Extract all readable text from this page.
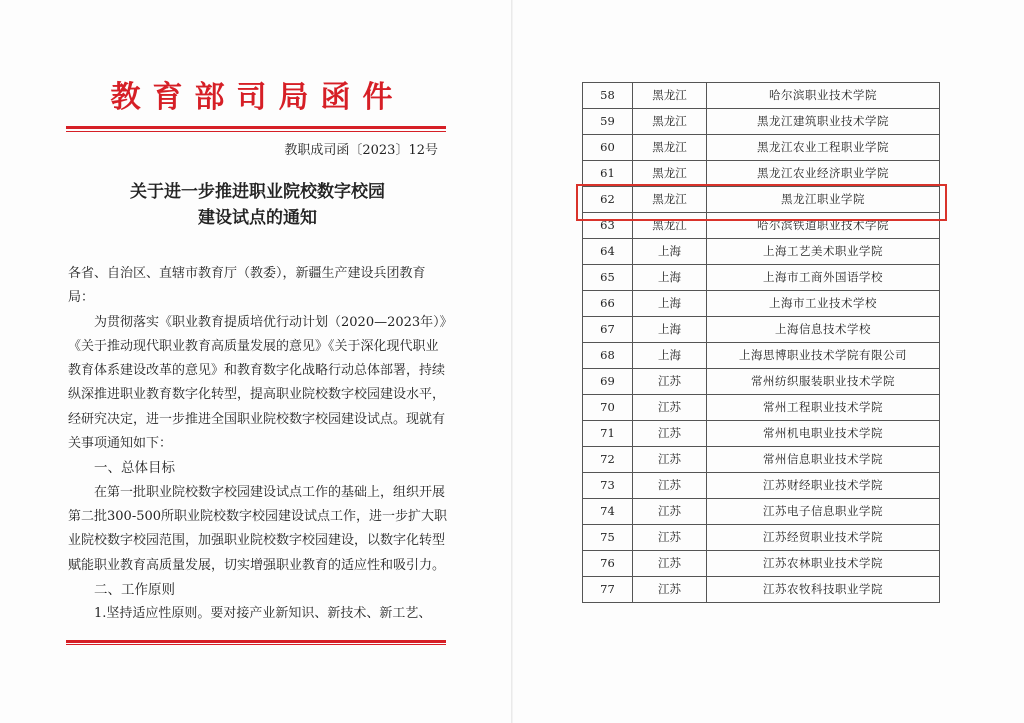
教育部司局函件
教职成司函〔2023〕12号
关于进一步推进职业院校数字校园
建设试点的通知

各省、自治区、直辖市教育厅（教委），新疆生产建设兵团教育局：

为贯彻落实《职业教育提质培优行动计划（2020—2023年）》《关于推动现代职业教育高质量发展的意见》《关于深化现代职业教育体系建设改革的意见》和教育数字化战略行动总体部署，持续纵深推进职业教育数字化转型，提高职业院校数字校园建设水平，经研究决定，进一步推进全国职业院校数字校园建设试点。现就有关事项通知如下：

一、总体目标

在第一批职业院校数字校园建设试点工作的基础上，组织开展第二批300-500所职业院校数字校园建设试点工作，进一步扩大职业院校数字校园范围，加强职业院校数字校园建设，以数字化转型赋能职业教育高质量发展，切实增强职业教育的适应性和吸引力。

二、工作原则

1.坚持适应性原则。要对接产业新知识、新技术、新工艺、

58	黑龙江	哈尔滨职业技术学院
59	黑龙江	黑龙江建筑职业技术学院
60	黑龙江	黑龙江农业工程职业学院
61	黑龙江	黑龙江农业经济职业学院
62	黑龙江	黑龙江职业学院
63	黑龙江	哈尔滨铁道职业技术学院
64	上海	上海工艺美术职业学院
65	上海	上海市工商外国语学校
66	上海	上海市工业技术学校
67	上海	上海信息技术学校
68	上海	上海思博职业技术学院有限公司
69	江苏	常州纺织服装职业技术学院
70	江苏	常州工程职业技术学院
71	江苏	常州机电职业技术学院
72	江苏	常州信息职业技术学院
73	江苏	江苏财经职业技术学院
74	江苏	江苏电子信息职业学院
75	江苏	江苏经贸职业技术学院
76	江苏	江苏农林职业技术学院
77	江苏	江苏农牧科技职业学院
